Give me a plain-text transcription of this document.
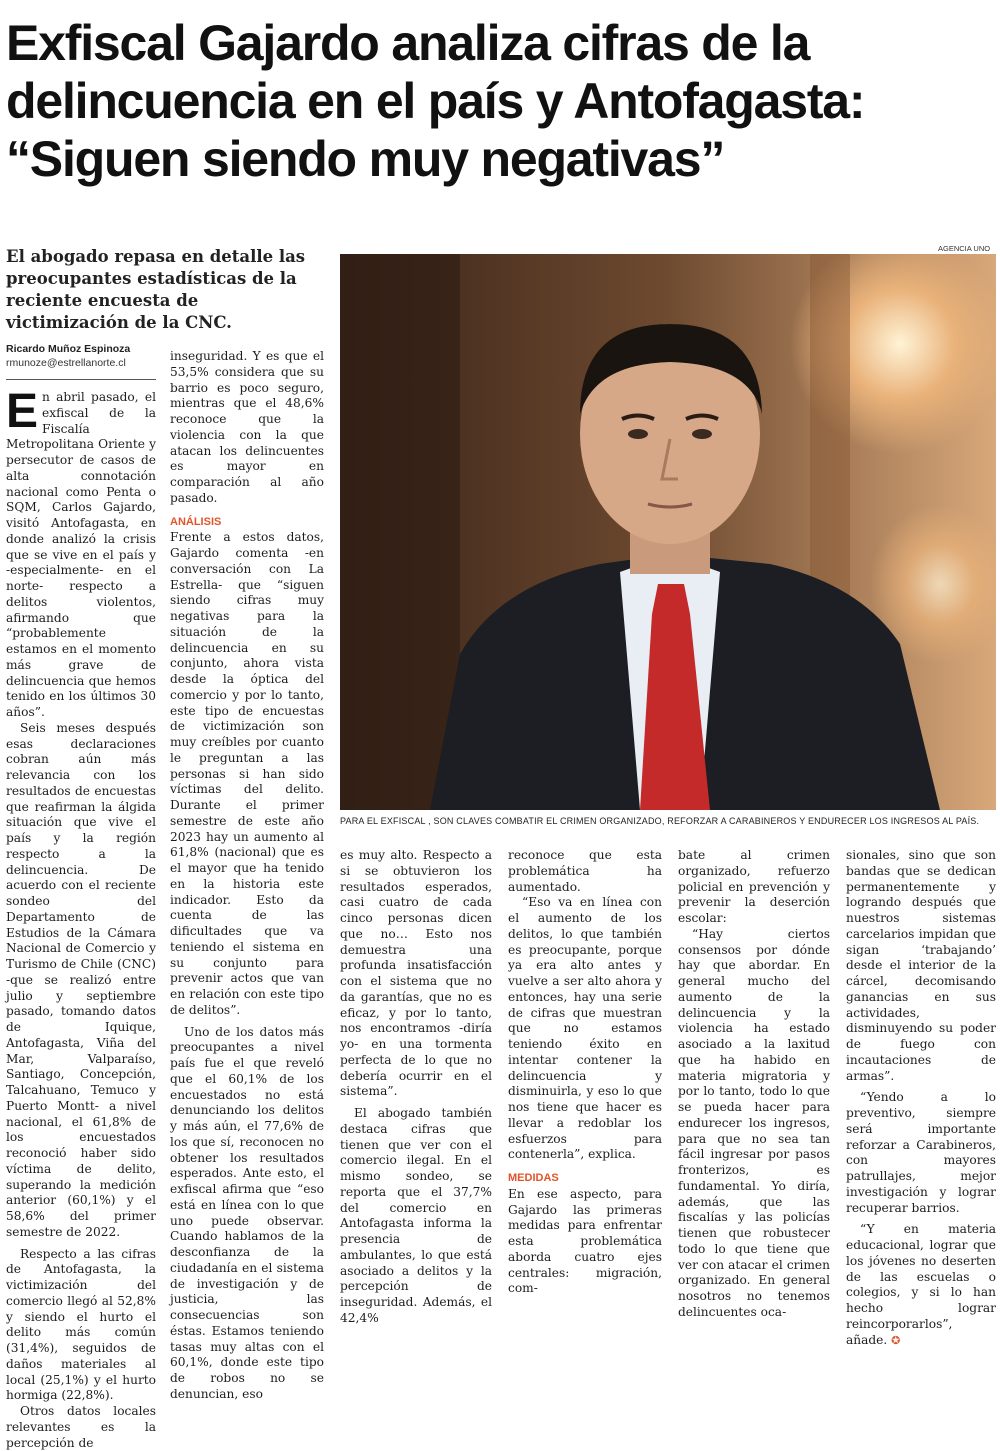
Exfiscal Gajardo analiza cifras de la
delincuencia en el país y Antofagasta:
“Siguen siendo muy negativas”
El abogado repasa en detalle las preocupantes estadísticas de la reciente encuesta de victimización de la CNC.
AGENCIA UNO
PARA EL EXFISCAL , SON CLAVES COMBATIR EL CRIMEN ORGANIZADO, REFORZAR A CARABINEROS Y ENDURECER LOS INGRESOS AL PAÍS.
Ricardo Muñoz Espinoza
rmunoze@estrellanorte.cl

En abril pasado, el exfiscal de la Fiscalía Metropolitana Oriente y persecutor de casos de alta connotación nacional como Penta o SQM, Carlos Gajardo, visitó Antofagasta, en donde analizó la crisis que se vive en el país y -especialmente- en el norte- respecto a delitos violentos, afirmando que “probablemente estamos en el momento más grave de delincuencia que hemos tenido en los últimos 30 años”.

Seis meses después esas declaraciones cobran aún más relevancia con los resultados de encuestas que reafirman la álgida situación que vive el país y la región respecto a la delincuencia. De acuerdo con el reciente sondeo del Departamento de Estudios de la Cámara Nacional de Comercio y Turismo de Chile (CNC) -que se realizó entre julio y septiembre pasado, tomando datos de Iquique, Antofagasta, Viña del Mar, Valparaíso, Santiago, Concepción, Talcahuano, Temuco y Puerto Montt- a nivel nacional, el 61,8% de los encuestados reconoció haber sido víctima de delito, superando la medición anterior (60,1%) y el 58,6% del primer semestre de 2022.

Respecto a las cifras de Antofagasta, la victimización del comercio llegó al 52,8% y siendo el hurto el delito más común (31,4%), seguidos de daños materiales al local (25,1%) y el hurto hormiga (22,8%).

Otros datos locales relevantes es la percepción de

inseguridad. Y es que el 53,5% considera que su barrio es poco seguro, mientras que el 48,6% reconoce que la violencia con la que atacan los delincuentes es mayor en comparación al año pasado.

ANÁLISIS

Frente a estos datos, Gajardo comenta -en conversación con La Estrella- que “siguen siendo cifras muy negativas para la situación de la delincuencia en su conjunto, ahora vista desde la óptica del comercio y por lo tanto, este tipo de encuestas de victimización son muy creíbles por cuanto le preguntan a las personas si han sido víctimas del delito. Durante el primer semestre de este año 2023 hay un aumento al 61,8% (nacional) que es el mayor que ha tenido en la historia este indicador. Esto da cuenta de las dificultades que va teniendo el sistema en su conjunto para prevenir actos que van en relación con este tipo de delitos”.

Uno de los datos más preocupantes a nivel país fue el que reveló que el 60,1% de los encuestados no está denunciando los delitos y más aún, el 77,6% de los que sí, reconocen no obtener los resultados esperados. Ante esto, el exfiscal afirma que “eso está en línea con lo que uno puede observar. Cuando hablamos de la desconfianza de la ciudadanía en el sistema de investigación y de justicia, las consecuencias son éstas. Estamos teniendo tasas muy altas con el 60,1%, donde este tipo de robos no se denuncian, eso

es muy alto. Respecto a si se obtuvieron los resultados esperados, casi cuatro de cada cinco personas dicen que no… Esto nos demuestra una profunda insatisfacción con el sistema que no da garantías, que no es eficaz, y por lo tanto, nos encontramos -diría yo- en una tormenta perfecta de lo que no debería ocurrir en el sistema”.

El abogado también destaca cifras que tienen que ver con el comercio ilegal. En el mismo sondeo, se reporta que el 37,7% del comercio en Antofagasta informa la presencia de ambulantes, lo que está asociado a delitos y la percepción de inseguridad. Además, el 42,4%

reconoce que esta problemática ha aumentado.

“Eso va en línea con el aumento de los delitos, lo que también es preocupante, porque ya era alto antes y vuelve a ser alto ahora y entonces, hay una serie de cifras que muestran que no estamos teniendo éxito en intentar contener la delincuencia y disminuirla, y eso lo que nos tiene que hacer es llevar a redoblar los esfuerzos para contenerla”, explica.

MEDIDAS

En ese aspecto, para Gajardo las primeras medidas para enfrentar esta problemática aborda cuatro ejes centrales: migración, com-

bate al crimen organizado, refuerzo policial en prevención y prevenir la deserción escolar:

“Hay ciertos consensos por dónde hay que abordar. En general mucho del aumento de la delincuencia y la violencia ha estado asociado a la laxitud que ha habido en materia migratoria y por lo tanto, todo lo que se pueda hacer para endurecer los ingresos, para que no sea tan fácil ingresar por pasos fronterizos, es fundamental. Yo diría, además, que las fiscalías y las policías tienen que robustecer todo lo que tiene que ver con atacar el crimen organizado. En general nosotros no tenemos delincuentes oca-

sionales, sino que son bandas que se dedican permanentemente y logrando después que nuestros sistemas carcelarios impidan que sigan ‘trabajando’ desde el interior de la cárcel, decomisando ganancias en sus actividades, disminuyendo su poder de fuego con incautaciones de armas”.

“Yendo a lo preventivo, siempre será importante reforzar a Carabineros, con mayores patrullajes, mejor investigación y lograr recuperar barrios.

“Y en materia educacional, lograr que los jóvenes no deserten de las escuelas o colegios, y si lo han hecho lograr reincorporarlos”, añade. ✪
